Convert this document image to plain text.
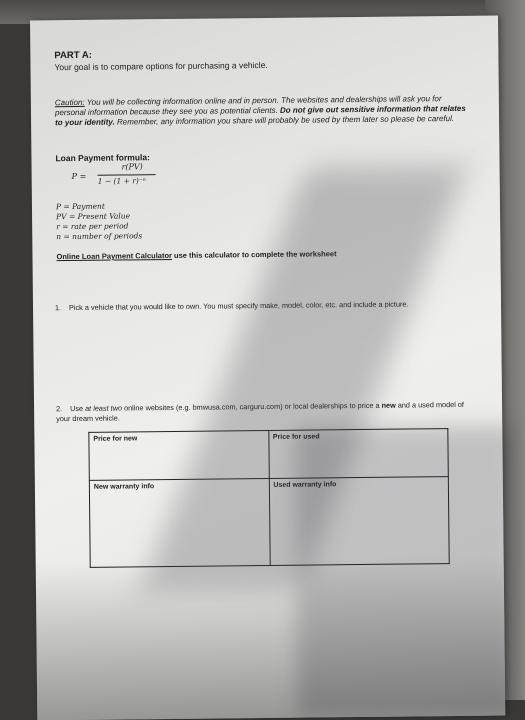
PART A:
Your goal is to compare options for purchasing a vehicle.
Caution: You will be collecting information online and in person. The websites and dealerships will ask you for personal information because they see you as potential clients. Do not give out sensitive information that relates to your identity. Remember, any information you share will probably be used by them later so please be careful.
Loan Payment formula:
P =
r(PV)
1 − (1 + r)⁻ⁿ
P = Payment
PV = Present Value
r = rate per period
n = number of periods
Online Loan Payment Calculator use this calculator to complete the worksheet
1. Pick a vehicle that you would like to own. You must specify make, model, color, etc. and include a picture.
2. Use at least two online websites (e.g. bmwusa.com, carguru.com) or local dealerships to price a new and a used model of your dream vehicle.
Price for new	Price for used
New warranty info	Used warranty info
